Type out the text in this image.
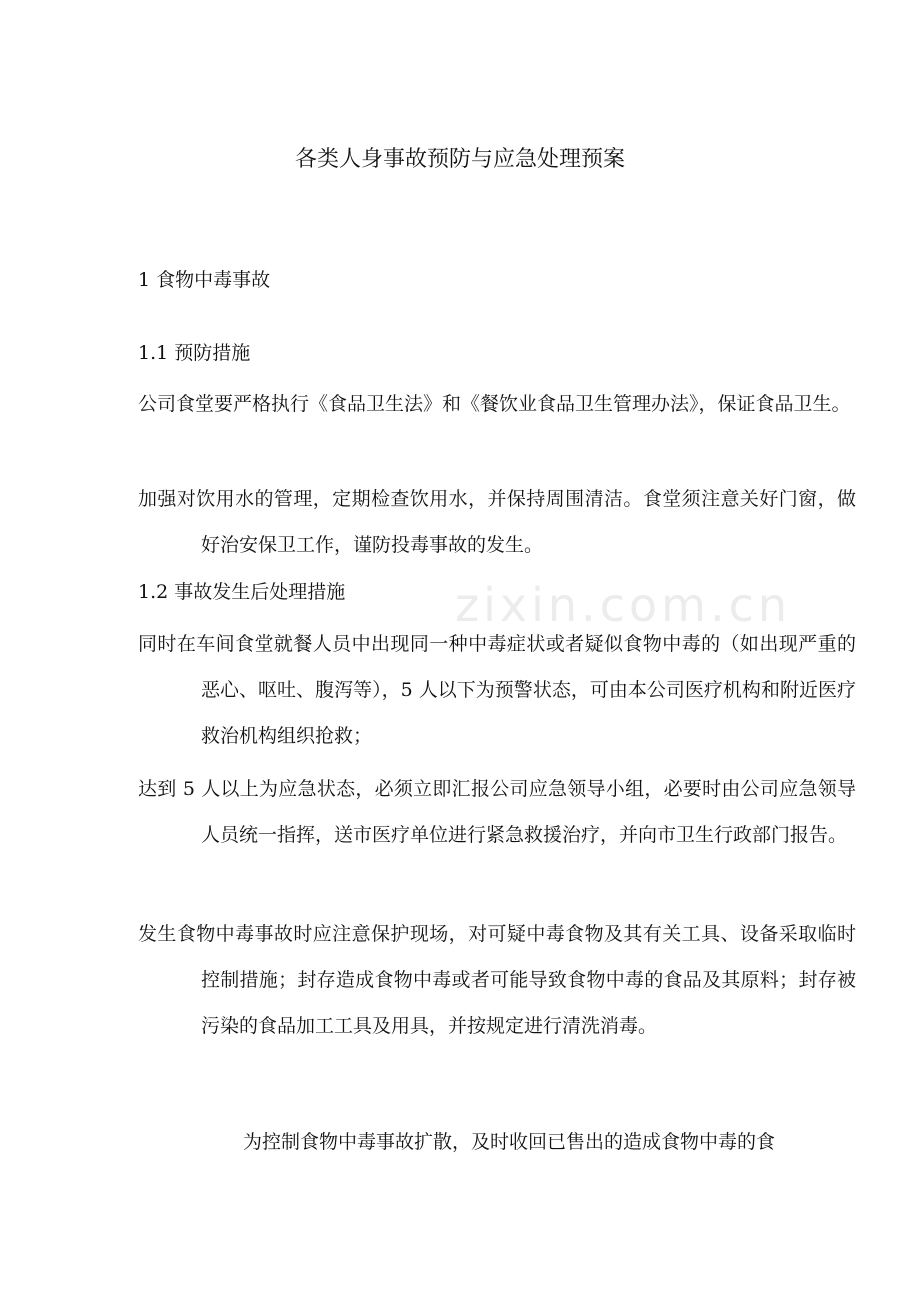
zixin.com.cn
各类人身事故预防与应急处理预案
1 食物中毒事故
1.1 预防措施
公司食堂要严格执行《食品卫生法》和《餐饮业食品卫生管理办法》，保证食品卫生。
加强对饮用水的管理，定期检查饮用水，并保持周围清洁。食堂须注意关好门窗，做好治安保卫工作，谨防投毒事故的发生。
1.2 事故发生后处理措施
同时在车间食堂就餐人员中出现同一种中毒症状或者疑似食物中毒的（如出现严重的恶心、呕吐、腹泻等），5 人以下为预警状态，可由本公司医疗机构和附近医疗救治机构组织抢救；
达到 5 人以上为应急状态，必须立即汇报公司应急领导小组，必要时由公司应急领导人员统一指挥，送市医疗单位进行紧急救援治疗，并向市卫生行政部门报告。
发生食物中毒事故时应注意保护现场，对可疑中毒食物及其有关工具、设备采取临时控制措施；封存造成食物中毒或者可能导致食物中毒的食品及其原料；封存被污染的食品加工工具及用具，并按规定进行清洗消毒。
为控制食物中毒事故扩散，及时收回已售出的造成食物中毒的食
